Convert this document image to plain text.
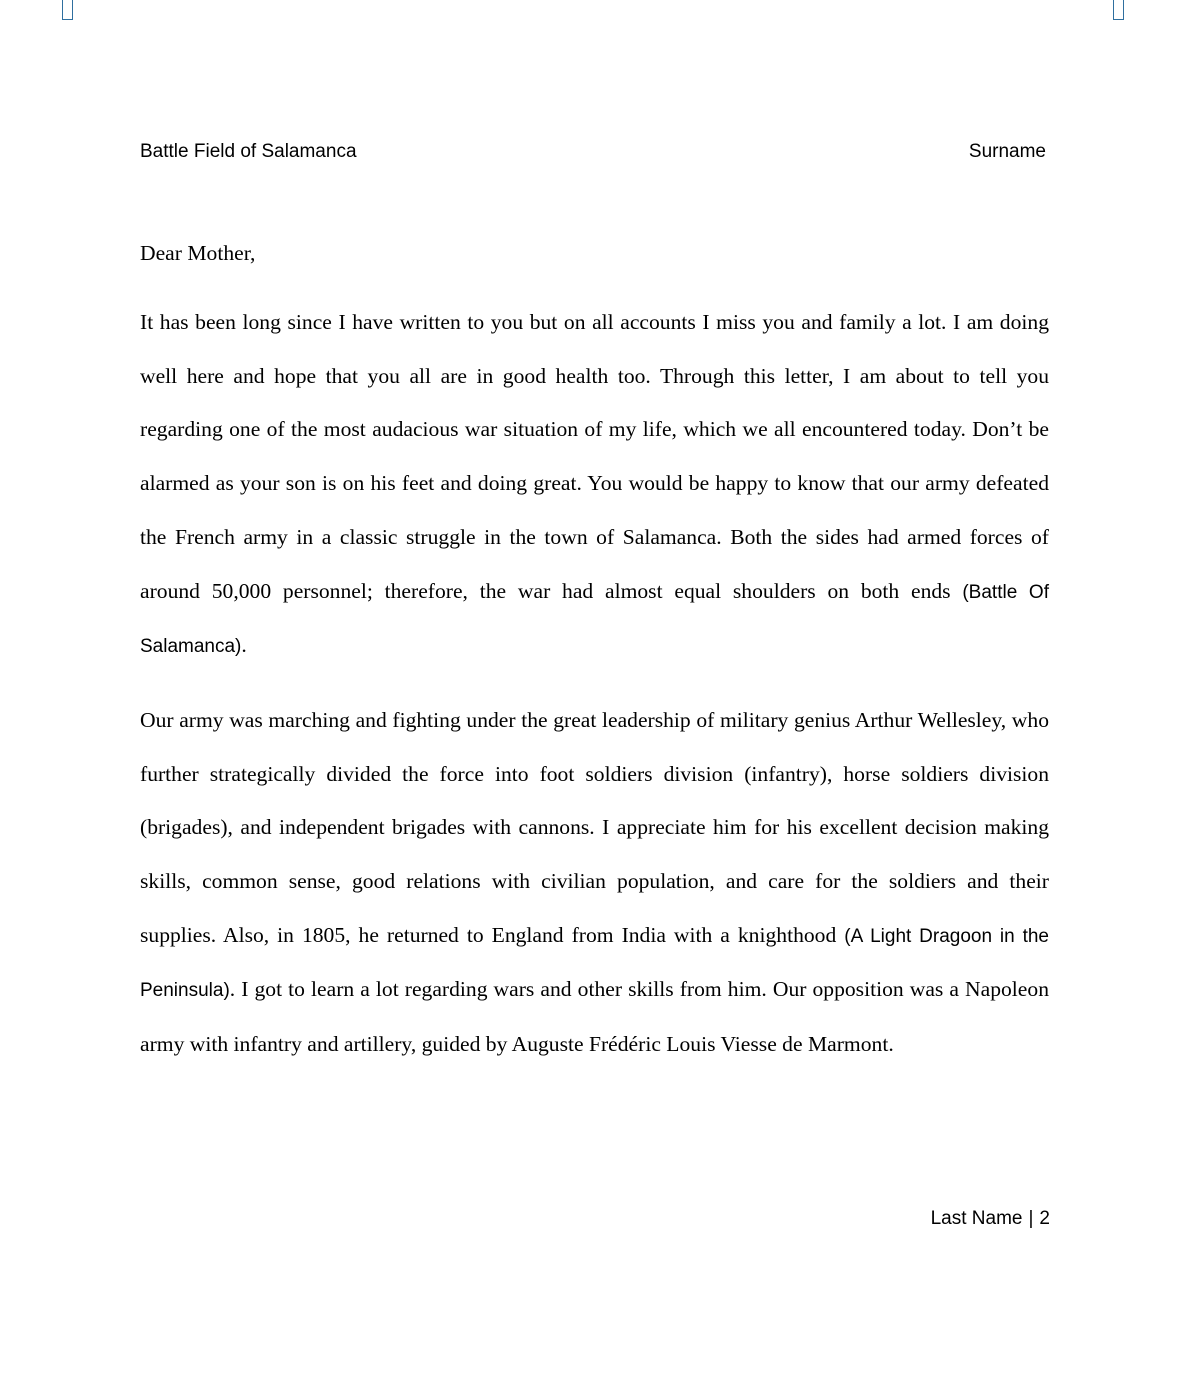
Battle Field of Salamanca	Surname

Dear Mother,

It has been long since I have written to you but on all accounts I miss you and family a lot. I am doing well here and hope that you all are in good health too. Through this letter, I am about to tell you regarding one of the most audacious war situation of my life, which we all encountered today. Don’t be alarmed as your son is on his feet and doing great. You would be happy to know that our army defeated the French army in a classic struggle in the town of Salamanca. Both the sides had armed forces of around 50,000 personnel; therefore, the war had almost equal shoulders on both ends (Battle Of Salamanca).

Our army was marching and fighting under the great leadership of military genius Arthur Wellesley, who further strategically divided the force into foot soldiers division (infantry), horse soldiers division (brigades), and independent brigades with cannons. I appreciate him for his excellent decision making skills, common sense, good relations with civilian population, and care for the soldiers and their supplies. Also, in 1805, he returned to England from India with a knighthood (A Light Dragoon in the Peninsula). I got to learn a lot regarding wars and other skills from him. Our opposition was a Napoleon army with infantry and artillery, guided by Auguste Frédéric Louis Viesse de Marmont.

Last Name | 2
